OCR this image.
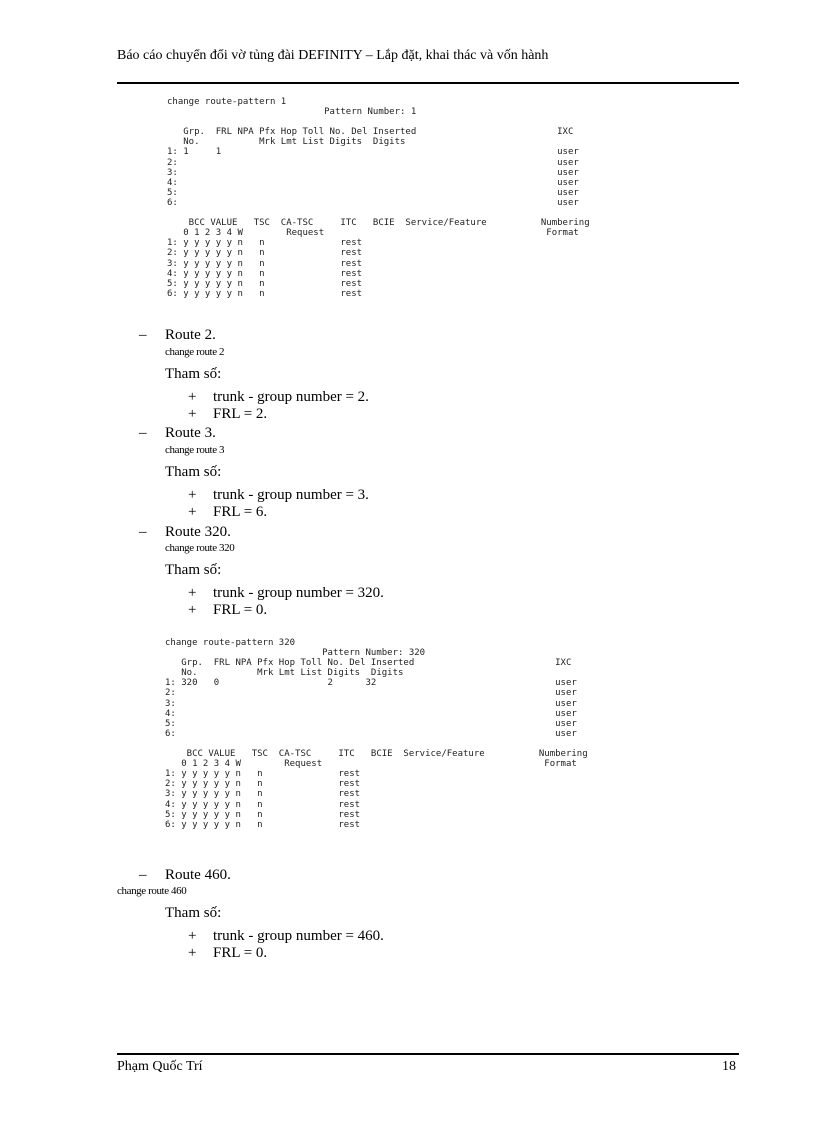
Báo cáo chuyển đổi vờ tủng đài DEFINITY – Lắp đặt, khai thác và vốn hành
change route-pattern 1
Pattern Number: 1
Grp.  FRL NPA Pfx Hop Toll No. Del Inserted                          IXC
No.           Mrk Lmt List Digits  Digits
1: 1     1                                                              user
2:                                                                      user
3:                                                                      user
4:                                                                      user
5:                                                                      user
6:                                                                      user
BCC VALUE   TSC  CA-TSC     ITC   BCIE  Service/Feature          Numbering
0 1 2 3 4 W        Request                                         Format
1: y y y y y n   n              rest
2: y y y y y n   n              rest
3: y y y y y n   n              rest
4: y y y y y n   n              rest
5: y y y y y n   n              rest
6: y y y y y n   n              rest
– Route 2.
change route 2
Tham số:
+ trunk - group number = 2.
+ FRL = 2.
– Route 3.
change route 3
Tham số:
+ trunk - group number = 3.
+ FRL = 6.
– Route 320.
change route 320
Tham số:
+ trunk - group number = 320.
+ FRL = 0.
change route-pattern 320
Pattern Number: 320
Grp.  FRL NPA Pfx Hop Toll No. Del Inserted                          IXC
No.           Mrk Lmt List Digits  Digits
1: 320   0                    2      32                                 user
2:                                                                      user
3:                                                                      user
4:                                                                      user
5:                                                                      user
6:                                                                      user
BCC VALUE   TSC  CA-TSC     ITC   BCIE  Service/Feature          Numbering
0 1 2 3 4 W        Request                                         Format
1: y y y y y n   n              rest
2: y y y y y n   n              rest
3: y y y y y n   n              rest
4: y y y y y n   n              rest
5: y y y y y n   n              rest
6: y y y y y n   n              rest
– Route 460.
change route 460
Tham số:
+ trunk - group number = 460.
+ FRL = 0.
Phạm Quốc Trí	18
